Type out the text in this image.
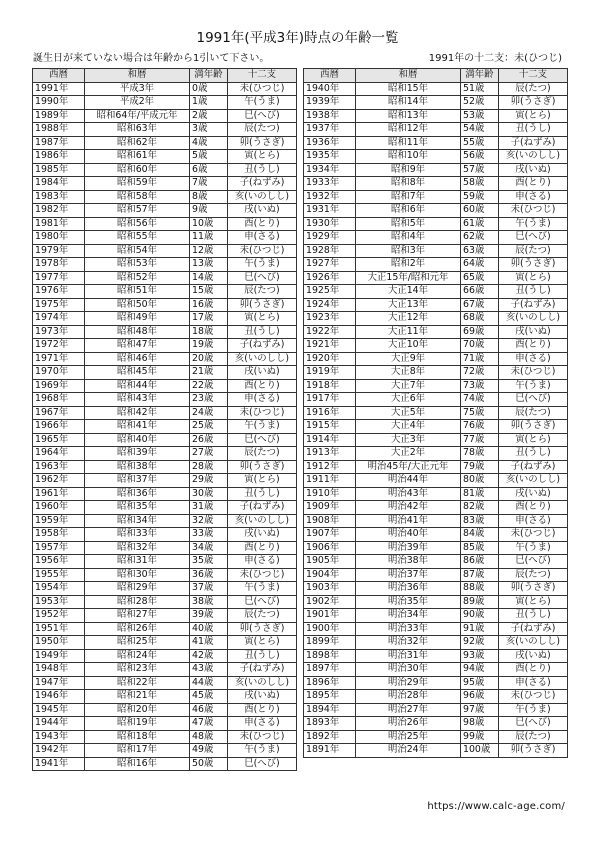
1991年(平成3年)時点の年齢一覧
誕生日が来ていない場合は年齢から1引いて下さい。	1991年の十二支：未(ひつじ)
西暦	和暦	満年齢	十二支
1991年	平成3年	0歳	未(ひつじ)
1990年	平成2年	1歳	午(うま)
1989年	昭和64年/平成元年	2歳	巳(へび)
1988年	昭和63年	3歳	辰(たつ)
1987年	昭和62年	4歳	卯(うさぎ)
1986年	昭和61年	5歳	寅(とら)
1985年	昭和60年	6歳	丑(うし)
1984年	昭和59年	7歳	子(ねずみ)
1983年	昭和58年	8歳	亥(いのしし)
1982年	昭和57年	9歳	戌(いぬ)
1981年	昭和56年	10歳	酉(とり)
1980年	昭和55年	11歳	申(さる)
1979年	昭和54年	12歳	未(ひつじ)
1978年	昭和53年	13歳	午(うま)
1977年	昭和52年	14歳	巳(へび)
1976年	昭和51年	15歳	辰(たつ)
1975年	昭和50年	16歳	卯(うさぎ)
1974年	昭和49年	17歳	寅(とら)
1973年	昭和48年	18歳	丑(うし)
1972年	昭和47年	19歳	子(ねずみ)
1971年	昭和46年	20歳	亥(いのしし)
1970年	昭和45年	21歳	戌(いぬ)
1969年	昭和44年	22歳	酉(とり)
1968年	昭和43年	23歳	申(さる)
1967年	昭和42年	24歳	未(ひつじ)
1966年	昭和41年	25歳	午(うま)
1965年	昭和40年	26歳	巳(へび)
1964年	昭和39年	27歳	辰(たつ)
1963年	昭和38年	28歳	卯(うさぎ)
1962年	昭和37年	29歳	寅(とら)
1961年	昭和36年	30歳	丑(うし)
1960年	昭和35年	31歳	子(ねずみ)
1959年	昭和34年	32歳	亥(いのしし)
1958年	昭和33年	33歳	戌(いぬ)
1957年	昭和32年	34歳	酉(とり)
1956年	昭和31年	35歳	申(さる)
1955年	昭和30年	36歳	未(ひつじ)
1954年	昭和29年	37歳	午(うま)
1953年	昭和28年	38歳	巳(へび)
1952年	昭和27年	39歳	辰(たつ)
1951年	昭和26年	40歳	卯(うさぎ)
1950年	昭和25年	41歳	寅(とら)
1949年	昭和24年	42歳	丑(うし)
1948年	昭和23年	43歳	子(ねずみ)
1947年	昭和22年	44歳	亥(いのしし)
1946年	昭和21年	45歳	戌(いぬ)
1945年	昭和20年	46歳	酉(とり)
1944年	昭和19年	47歳	申(さる)
1943年	昭和18年	48歳	未(ひつじ)
1942年	昭和17年	49歳	午(うま)
1941年	昭和16年	50歳	巳(へび)
西暦	和暦	満年齢	十二支
1940年	昭和15年	51歳	辰(たつ)
1939年	昭和14年	52歳	卯(うさぎ)
1938年	昭和13年	53歳	寅(とら)
1937年	昭和12年	54歳	丑(うし)
1936年	昭和11年	55歳	子(ねずみ)
1935年	昭和10年	56歳	亥(いのしし)
1934年	昭和9年	57歳	戌(いぬ)
1933年	昭和8年	58歳	酉(とり)
1932年	昭和7年	59歳	申(さる)
1931年	昭和6年	60歳	未(ひつじ)
1930年	昭和5年	61歳	午(うま)
1929年	昭和4年	62歳	巳(へび)
1928年	昭和3年	63歳	辰(たつ)
1927年	昭和2年	64歳	卯(うさぎ)
1926年	大正15年/昭和元年	65歳	寅(とら)
1925年	大正14年	66歳	丑(うし)
1924年	大正13年	67歳	子(ねずみ)
1923年	大正12年	68歳	亥(いのしし)
1922年	大正11年	69歳	戌(いぬ)
1921年	大正10年	70歳	酉(とり)
1920年	大正9年	71歳	申(さる)
1919年	大正8年	72歳	未(ひつじ)
1918年	大正7年	73歳	午(うま)
1917年	大正6年	74歳	巳(へび)
1916年	大正5年	75歳	辰(たつ)
1915年	大正4年	76歳	卯(うさぎ)
1914年	大正3年	77歳	寅(とら)
1913年	大正2年	78歳	丑(うし)
1912年	明治45年/大正元年	79歳	子(ねずみ)
1911年	明治44年	80歳	亥(いのしし)
1910年	明治43年	81歳	戌(いぬ)
1909年	明治42年	82歳	酉(とり)
1908年	明治41年	83歳	申(さる)
1907年	明治40年	84歳	未(ひつじ)
1906年	明治39年	85歳	午(うま)
1905年	明治38年	86歳	巳(へび)
1904年	明治37年	87歳	辰(たつ)
1903年	明治36年	88歳	卯(うさぎ)
1902年	明治35年	89歳	寅(とら)
1901年	明治34年	90歳	丑(うし)
1900年	明治33年	91歳	子(ねずみ)
1899年	明治32年	92歳	亥(いのしし)
1898年	明治31年	93歳	戌(いぬ)
1897年	明治30年	94歳	酉(とり)
1896年	明治29年	95歳	申(さる)
1895年	明治28年	96歳	未(ひつじ)
1894年	明治27年	97歳	午(うま)
1893年	明治26年	98歳	巳(へび)
1892年	明治25年	99歳	辰(たつ)
1891年	明治24年	100歳	卯(うさぎ)
https://www.calc-age.com/
